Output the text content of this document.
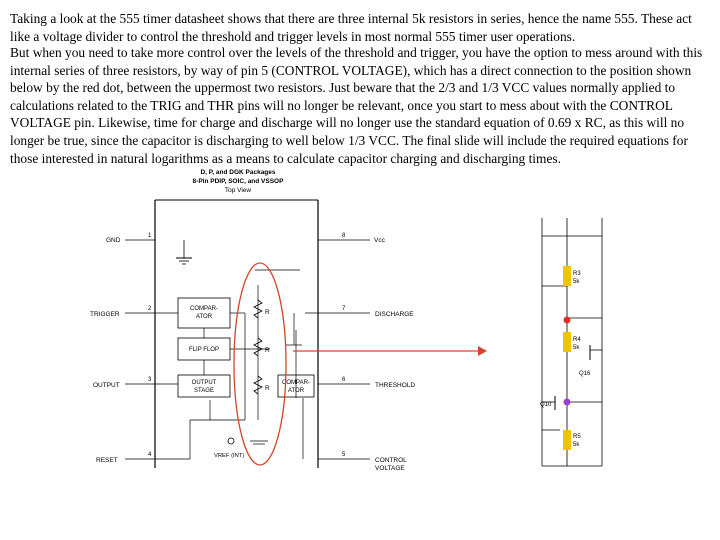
Taking a look at the 555 timer datasheet shows that there are three internal 5k resistors in series, hence the name 555. These act like a voltage divider to control the threshold and trigger levels in most normal 555 timer user operations.

But when you need to take more control over the levels of the threshold and trigger, you have the option to mess around with this internal series of three resistors, by way of pin 5 (CONTROL VOLTAGE), which has a direct connection to the position shown below by the red dot, between the uppermost two resistors. Just beware that the 2/3 and 1/3 VCC values normally applied to calculations related to the TRIG and THR pins will no longer be relevant, once you start to mess about with the CONTROL VOLTAGE pin. Likewise, time for charge and discharge will no longer use the standard equation of 0.69 x RC, as this will no longer be true, since the capacitor is discharging to well below 1/3 VCC. The final slide will include the required equations for those interested in natural logarithms as a means to calculate capacitor charging and discharging times.

D, P, and DGK Packages
8-Pin PDIP, SOIC, and VSSOP
Top View
1
GND
2
TRIGGER
3
OUTPUT
4
RESET
8
Vcc
7
DISCHARGE
6
THRESHOLD
5
CONTROL
VOLTAGE
COMPAR-
ATOR
FLIP FLOP
OUTPUT
STAGE
COMPAR-
ATOR
VREF (INT)
R
R
R
R3
5k
R4
5k
R5
5k
Q16
Q10
